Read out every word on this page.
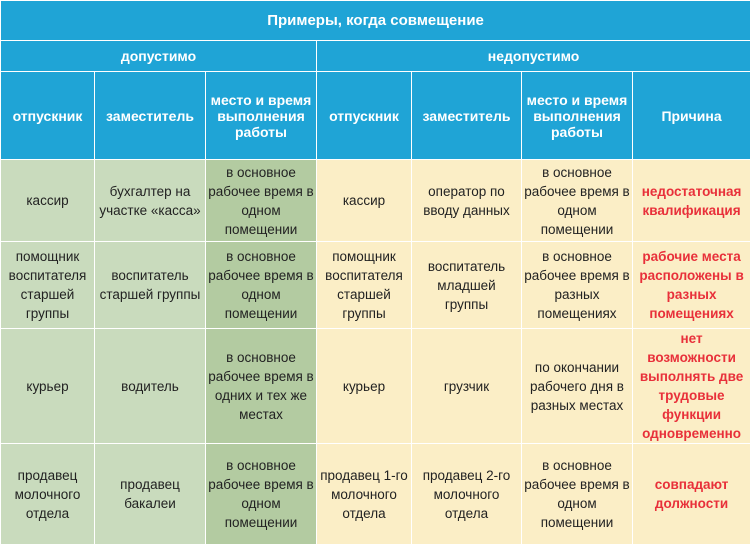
Примеры, когда совмещение						
допустимо			недопустимо			
отпускник	заместитель	место и время выполнения работы	отпускник	заместитель	место и время выполнения работы	Причина
кассир	бухгалтер на участке «касса»	в основное рабочее время в одном помещении	кассир	оператор по вводу данных	в основное рабочее время в одном помещении	недостаточная квалификация
помощник воспитателя старшей группы	воспитатель старшей группы	в основное рабочее время в одном помещении	помощник воспитателя старшей группы	воспитатель младшей группы	в основное рабочее время в разных помещениях	рабочие места расположены в разных помещениях
курьер	водитель	в основное рабочее время в одних и тех же местах	курьер	грузчик	по окончании рабочего дня в разных местах	нет возможности выполнять две трудовые функции одновременно
продавец молочного отдела	продавец бакалеи	в основное рабочее время в одном помещении	продавец 1-го молочного отдела	продавец 2-го молочного отдела	в основное рабочее время в одном помещении	совпадают должности
